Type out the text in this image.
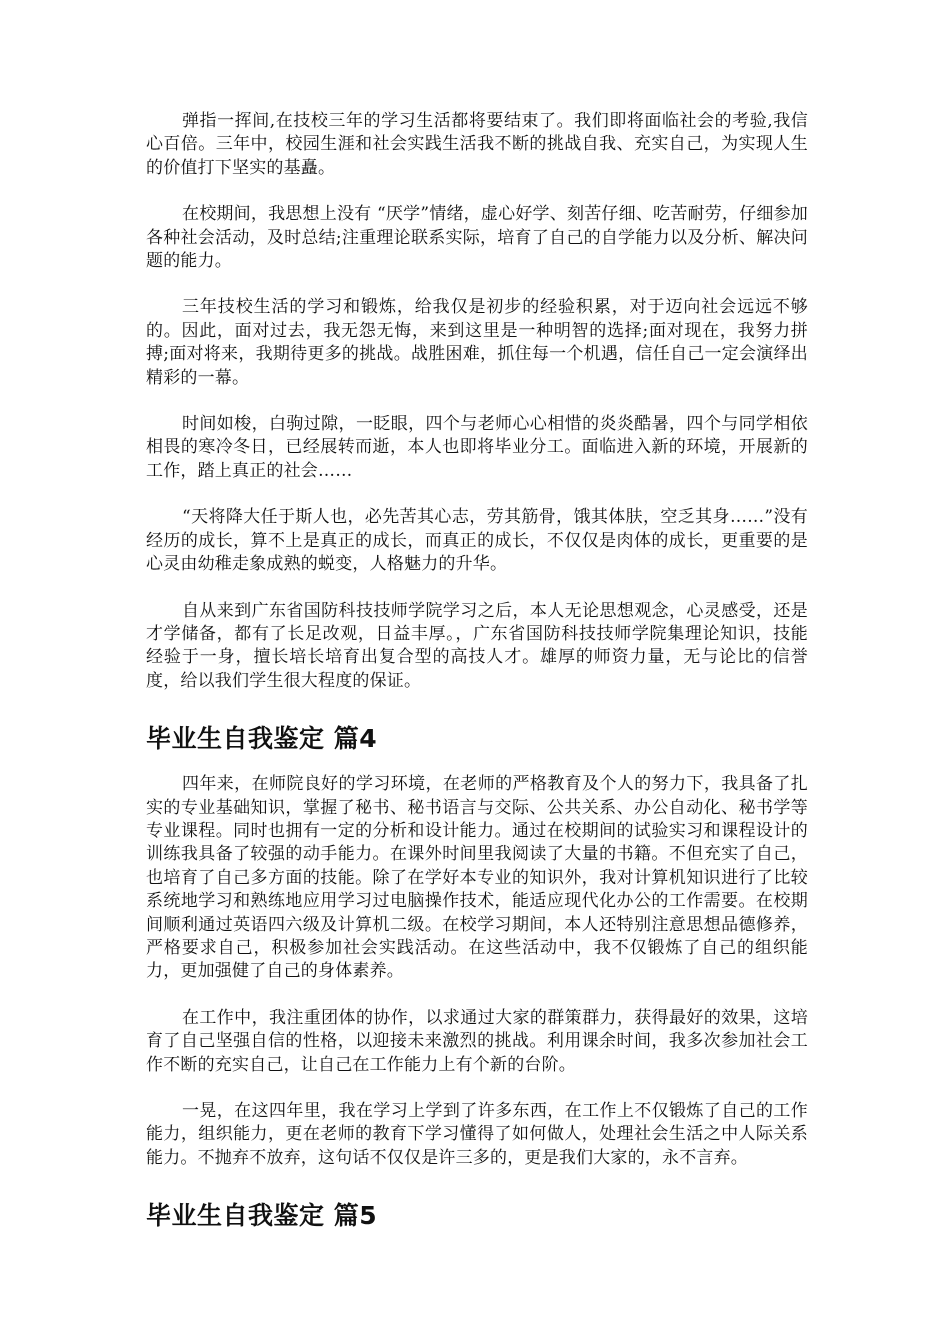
弹指一挥间,在技校三年的学习生活都将要结束了。我们即将面临社会的考验,我信心百倍。三年中，校园生涯和社会实践生活我不断的挑战自我、充实自己，为实现人生的价值打下坚实的基矗。

在校期间，我思想上没有 “厌学”情绪，虚心好学、刻苦仔细、吃苦耐劳，仔细参加各种社会活动，及时总结;注重理论联系实际，培育了自己的自学能力以及分析、解决问题的能力。

三年技校生活的学习和锻炼，给我仅是初步的经验积累，对于迈向社会远远不够的。因此，面对过去，我无怨无悔，来到这里是一种明智的选择;面对现在，我努力拼搏;面对将来，我期待更多的挑战。战胜困难，抓住每一个机遇，信任自己一定会演绎出精彩的一幕。

时间如梭，白驹过隙，一眨眼，四个与老师心心相惜的炎炎酷暑，四个与同学相依相畏的寒冷冬日，已经展转而逝，本人也即将毕业分工。面临进入新的环境，开展新的工作，踏上真正的社会……

“天将降大任于斯人也，必先苦其心志，劳其筋骨，饿其体肤，空乏其身……”没有经历的成长，算不上是真正的成长，而真正的成长，不仅仅是肉体的成长，更重要的是心灵由幼稚走象成熟的蜕变，人格魅力的升华。

自从来到广东省国防科技技师学院学习之后，本人无论思想观念，心灵感受，还是才学储备，都有了长足改观，日益丰厚。，广东省国防科技技师学院集理论知识，技能经验于一身，擅长培长培育出复合型的高技人才。雄厚的师资力量，无与论比的信誉度，给以我们学生很大程度的保证。

毕业生自我鉴定 篇4

四年来，在师院良好的学习环境，在老师的严格教育及个人的努力下，我具备了扎实的专业基础知识，掌握了秘书、秘书语言与交际、公共关系、办公自动化、秘书学等专业课程。同时也拥有一定的分析和设计能力。通过在校期间的试验实习和课程设计的训练我具备了较强的动手能力。在课外时间里我阅读了大量的书籍。不但充实了自己，也培育了自己多方面的技能。除了在学好本专业的知识外，我对计算机知识进行了比较系统地学习和熟练地应用学习过电脑操作技术，能适应现代化办公的工作需要。在校期间顺利通过英语四六级及计算机二级。在校学习期间，本人还特别注意思想品德修养，严格要求自己，积极参加社会实践活动。在这些活动中，我不仅锻炼了自己的组织能力，更加强健了自己的身体素养。

在工作中，我注重团体的协作，以求通过大家的群策群力，获得最好的效果，这培育了自己坚强自信的性格，以迎接未来激烈的挑战。利用课余时间，我多次参加社会工作不断的充实自己，让自己在工作能力上有个新的台阶。

一晃，在这四年里，我在学习上学到了许多东西，在工作上不仅锻炼了自己的工作能力，组织能力，更在老师的教育下学习懂得了如何做人，处理社会生活之中人际关系能力。不抛弃不放弃，这句话不仅仅是许三多的，更是我们大家的，永不言弃。

毕业生自我鉴定 篇5
